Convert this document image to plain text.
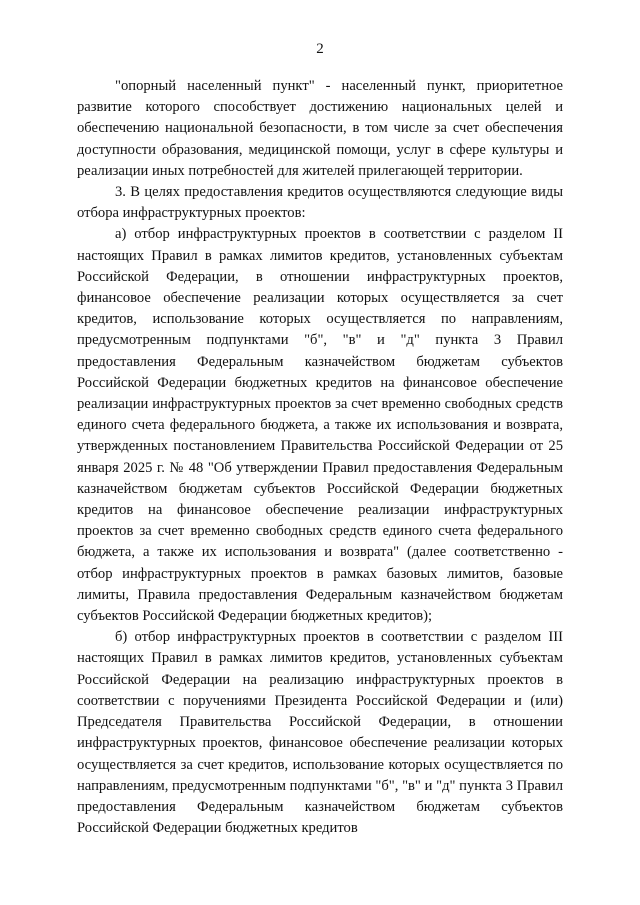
2

"опорный населенный пункт" - населенный пункт, приоритетное развитие которого способствует достижению национальных целей и обеспечению национальной безопасности, в том числе за счет обеспечения доступности образования, медицинской помощи, услуг в сфере культуры и реализации иных потребностей для жителей прилегающей территории.

3. В целях предоставления кредитов осуществляются следующие виды отбора инфраструктурных проектов:

а) отбор инфраструктурных проектов в соответствии с разделом II настоящих Правил в рамках лимитов кредитов, установленных субъектам Российской Федерации, в отношении инфраструктурных проектов, финансовое обеспечение реализации которых осуществляется за счет кредитов, использование которых осуществляется по направлениям, предусмотренным подпунктами "б", "в" и "д" пункта 3 Правил предоставления Федеральным казначейством бюджетам субъектов Российской Федерации бюджетных кредитов на финансовое обеспечение реализации инфраструктурных проектов за счет временно свободных средств единого счета федерального бюджета, а также их использования и возврата, утвержденных постановлением Правительства Российской Федерации от 25 января 2025 г. № 48 "Об утверждении Правил предоставления Федеральным казначейством бюджетам субъектов Российской Федерации бюджетных кредитов на финансовое обеспечение реализации инфраструктурных проектов за счет временно свободных средств единого счета федерального бюджета, а также их использования и возврата" (далее соответственно - отбор инфраструктурных проектов в рамках базовых лимитов, базовые лимиты, Правила предоставления Федеральным казначейством бюджетам субъектов Российской Федерации бюджетных кредитов);

б) отбор инфраструктурных проектов в соответствии с разделом III настоящих Правил в рамках лимитов кредитов, установленных субъектам Российской Федерации на реализацию инфраструктурных проектов в соответствии с поручениями Президента Российской Федерации и (или) Председателя Правительства Российской Федерации, в отношении инфраструктурных проектов, финансовое обеспечение реализации которых осуществляется за счет кредитов, использование которых осуществляется по направлениям, предусмотренным подпунктами "б", "в" и "д" пункта 3 Правил предоставления Федеральным казначейством бюджетам субъектов Российской Федерации бюджетных кредитов
